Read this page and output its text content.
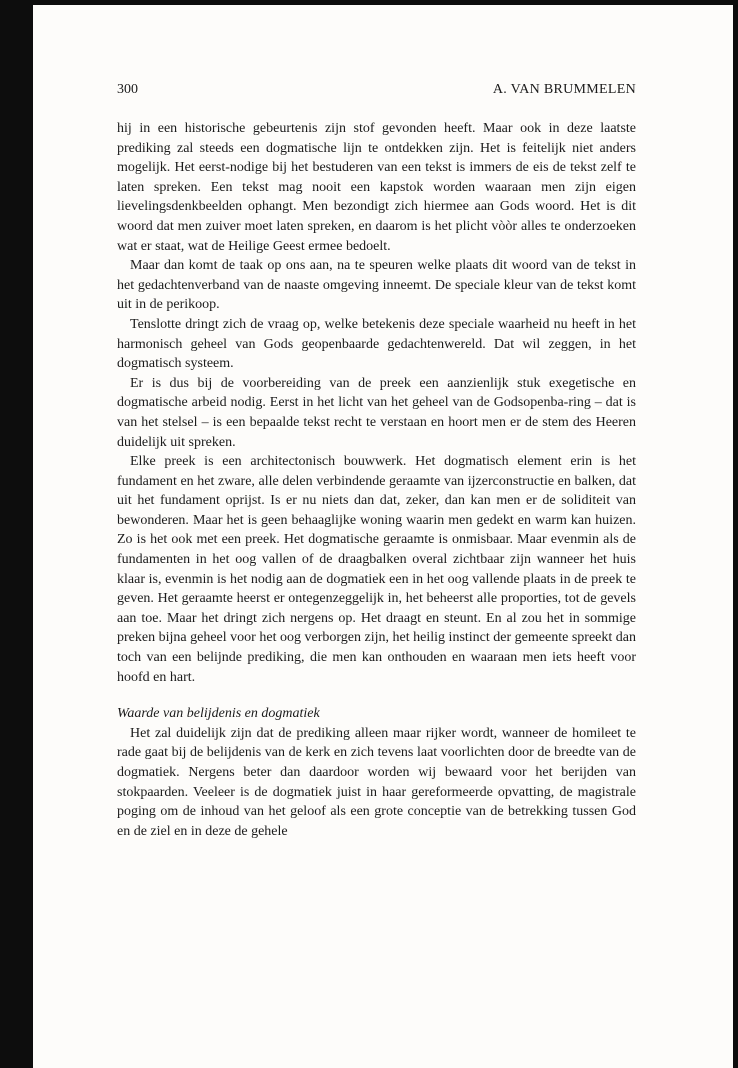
300	A. VAN BRUMMELEN

hij in een historische gebeurtenis zijn stof gevonden heeft. Maar ook in deze laatste prediking zal steeds een dogmatische lijn te ontdekken zijn. Het is feitelijk niet anders mogelijk. Het eerst-nodige bij het bestuderen van een tekst is immers de eis de tekst zelf te laten spreken. Een tekst mag nooit een kapstok worden waaraan men zijn eigen lievelingsdenkbeelden ophangt. Men bezondigt zich hiermee aan Gods woord. Het is dit woord dat men zuiver moet laten spreken, en daarom is het plicht vòòr alles te onderzoeken wat er staat, wat de Heilige Geest ermee bedoelt.

Maar dan komt de taak op ons aan, na te speuren welke plaats dit woord van de tekst in het gedachtenverband van de naaste omgeving inneemt. De speciale kleur van de tekst komt uit in de perikoop.

Tenslotte dringt zich de vraag op, welke betekenis deze speciale waarheid nu heeft in het harmonisch geheel van Gods geopenbaarde gedachtenwereld. Dat wil zeggen, in het dogmatisch systeem.

Er is dus bij de voorbereiding van de preek een aanzienlijk stuk exegetische en dogmatische arbeid nodig. Eerst in het licht van het geheel van de Godsopenba-ring – dat is van het stelsel – is een bepaalde tekst recht te verstaan en hoort men er de stem des Heeren duidelijk uit spreken.

Elke preek is een architectonisch bouwwerk. Het dogmatisch element erin is het fundament en het zware, alle delen verbindende geraamte van ijzerconstructie en balken, dat uit het fundament oprijst. Is er nu niets dan dat, zeker, dan kan men er de soliditeit van bewonderen. Maar het is geen behaaglijke woning waarin men gedekt en warm kan huizen. Zo is het ook met een preek. Het dogmatische geraamte is onmisbaar. Maar evenmin als de fundamenten in het oog vallen of de draagbalken overal zichtbaar zijn wanneer het huis klaar is, evenmin is het nodig aan de dogmatiek een in het oog vallende plaats in de preek te geven. Het geraamte heerst er ontegenzeggelijk in, het beheerst alle proporties, tot de gevels aan toe. Maar het dringt zich nergens op. Het draagt en steunt. En al zou het in sommige preken bijna geheel voor het oog verborgen zijn, het heilig instinct der gemeente spreekt dan toch van een belijnde prediking, die men kan onthouden en waaraan men iets heeft voor hoofd en hart.

Waarde van belijdenis en dogmatiek

Het zal duidelijk zijn dat de prediking alleen maar rijker wordt, wanneer de homileet te rade gaat bij de belijdenis van de kerk en zich tevens laat voorlichten door de breedte van de dogmatiek. Nergens beter dan daardoor worden wij bewaard voor het berijden van stokpaarden. Veeleer is de dogmatiek juist in haar gereformeerde opvatting, de magistrale poging om de inhoud van het geloof als een grote conceptie van de betrekking tussen God en de ziel en in deze de gehele
